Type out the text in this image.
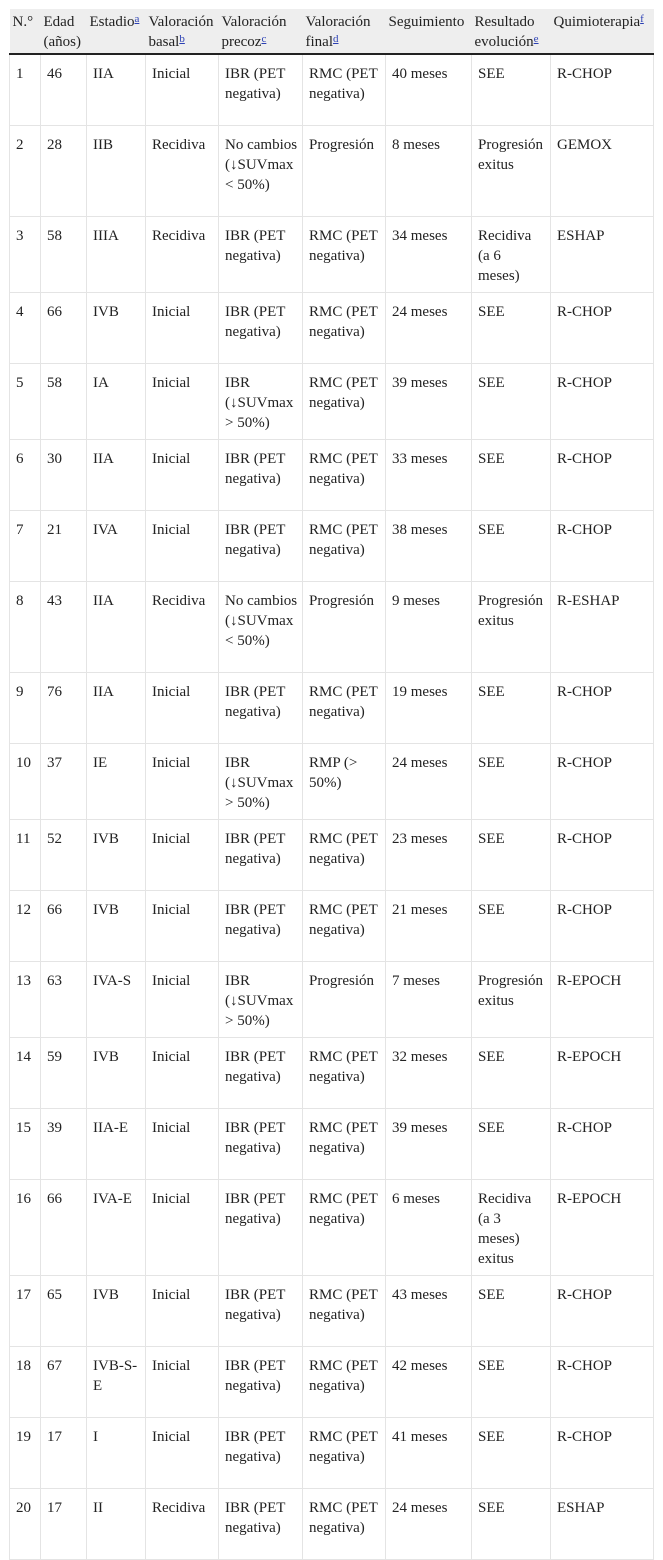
N.°	Edad (años)	Estadio$^a$	Valoración basal$^b$	Valoración precoz$^c$	Valoración final$^d$	Seguimiento	Resultado evolución$^e$	Quimioterapia$^f$
1	46	IIA	Inicial	IBR (PET negativa)	RMC (PET negativa)	40 meses	SEE	R-CHOP
2	28	IIB	Recidiva	No cambios (↓SUVmax < 50%)	Progresión	8 meses	Progresión exitus	GEMOX
3	58	IIIA	Recidiva	IBR (PET negativa)	RMC (PET negativa)	34 meses	Recidiva (a 6 meses)	ESHAP
4	66	IVB	Inicial	IBR (PET negativa)	RMC (PET negativa)	24 meses	SEE	R-CHOP
5	58	IA	Inicial	IBR (↓SUVmax > 50%)	RMC (PET negativa)	39 meses	SEE	R-CHOP
6	30	IIA	Inicial	IBR (PET negativa)	RMC (PET negativa)	33 meses	SEE	R-CHOP
7	21	IVA	Inicial	IBR (PET negativa)	RMC (PET negativa)	38 meses	SEE	R-CHOP
8	43	IIA	Recidiva	No cambios (↓SUVmax < 50%)	Progresión	9 meses	Progresión exitus	R-ESHAP
9	76	IIA	Inicial	IBR (PET negativa)	RMC (PET negativa)	19 meses	SEE	R-CHOP
10	37	IE	Inicial	IBR (↓SUVmax > 50%)	RMP (> 50%)	24 meses	SEE	R-CHOP
11	52	IVB	Inicial	IBR (PET negativa)	RMC (PET negativa)	23 meses	SEE	R-CHOP
12	66	IVB	Inicial	IBR (PET negativa)	RMC (PET negativa)	21 meses	SEE	R-CHOP
13	63	IVA-S	Inicial	IBR (↓SUVmax > 50%)	Progresión	7 meses	Progresión exitus	R-EPOCH
14	59	IVB	Inicial	IBR (PET negativa)	RMC (PET negativa)	32 meses	SEE	R-EPOCH
15	39	IIA-E	Inicial	IBR (PET negativa)	RMC (PET negativa)	39 meses	SEE	R-CHOP
16	66	IVA-E	Inicial	IBR (PET negativa)	RMC (PET negativa)	6 meses	Recidiva (a 3 meses) exitus	R-EPOCH
17	65	IVB	Inicial	IBR (PET negativa)	RMC (PET negativa)	43 meses	SEE	R-CHOP
18	67	IVB-S-E	Inicial	IBR (PET negativa)	RMC (PET negativa)	42 meses	SEE	R-CHOP
19	17	I	Inicial	IBR (PET negativa)	RMC (PET negativa)	41 meses	SEE	R-CHOP
20	17	II	Recidiva	IBR (PET negativa)	RMC (PET negativa)	24 meses	SEE	ESHAP
